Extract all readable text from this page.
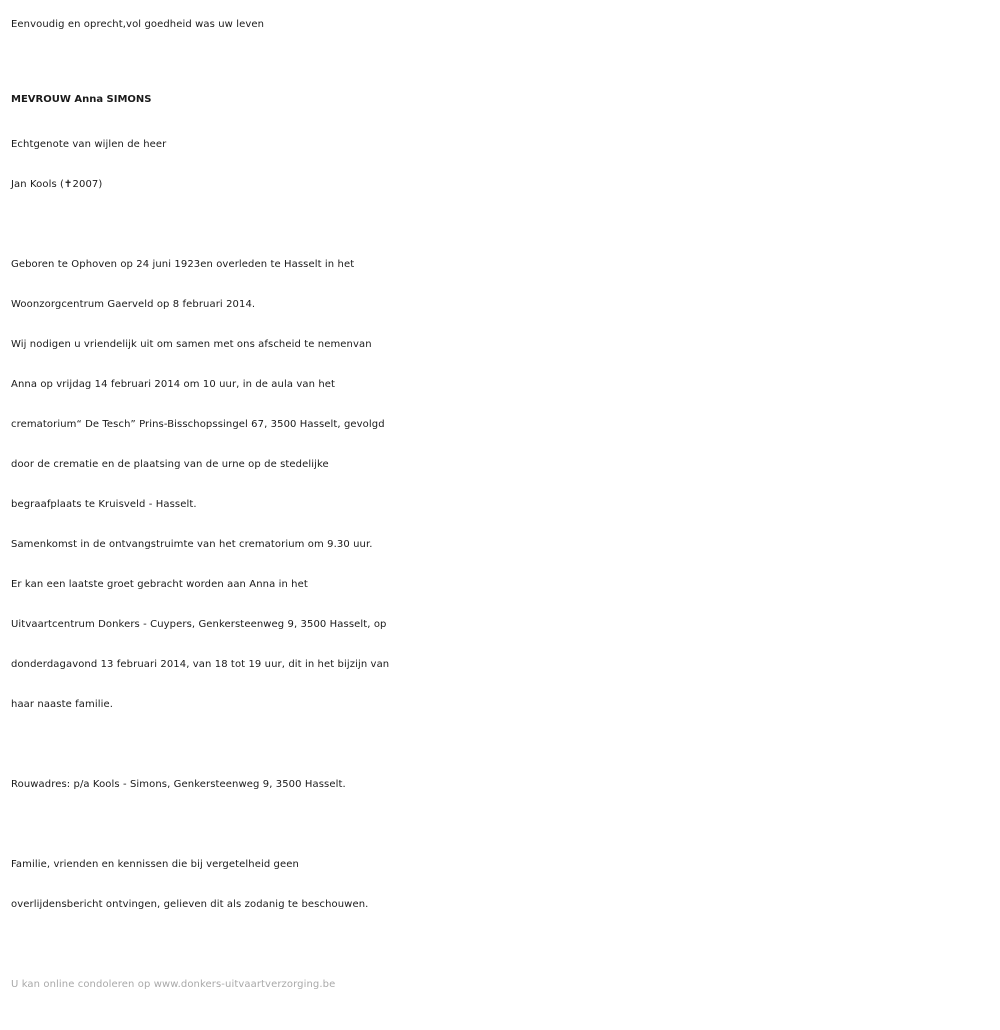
Eenvoudig en oprecht,vol goedheid was uw leven
MEVROUW Anna SIMONS
Echtgenote van wijlen de heer
Jan Kools (✝2007)
Geboren te Ophoven op 24 juni 1923en overleden te Hasselt in het
Woonzorgcentrum Gaerveld op 8 februari 2014.
Wij nodigen u vriendelijk uit om samen met ons afscheid te nemenvan
Anna op vrijdag 14 februari 2014 om 10 uur, in de aula van het
crematorium“ De Tesch” Prins-Bisschopssingel 67, 3500 Hasselt, gevolgd
door de crematie en de plaatsing van de urne op de stedelijke
begraafplaats te Kruisveld - Hasselt.
Samenkomst in de ontvangstruimte van het crematorium om 9.30 uur.
Er kan een laatste groet gebracht worden aan Anna in het
Uitvaartcentrum Donkers - Cuypers, Genkersteenweg 9, 3500 Hasselt, op
donderdagavond 13 februari 2014, van 18 tot 19 uur, dit in het bijzijn van
haar naaste familie.
Rouwadres: p/a Kools - Simons, Genkersteenweg 9, 3500 Hasselt.
Familie, vrienden en kennissen die bij vergetelheid geen
overlijdensbericht ontvingen, gelieven dit als zodanig te beschouwen.
U kan online condoleren op www.donkers-uitvaartverzorging.be
